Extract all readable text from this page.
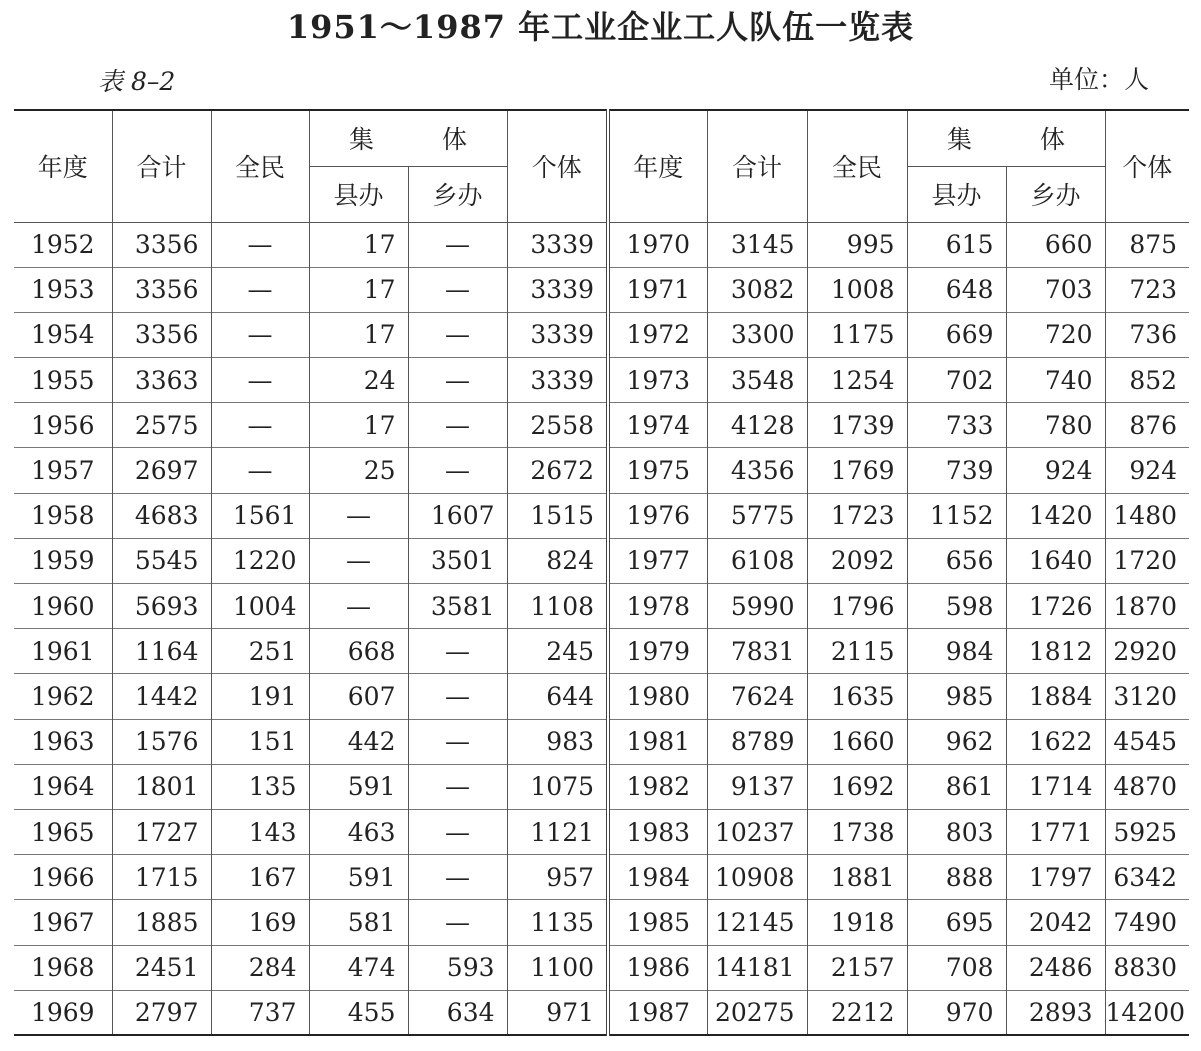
1951～1987 年工业企业工人队伍一览表
表 8–2	单位：人
年度	合计	全民	集 体		个体	年度	合计	全民	集 体		个体
			县办	乡办					县办	乡办	
1952	3356	—	17	—	3339	1970	3145	995	615	660	875
1953	3356	—	17	—	3339	1971	3082	1008	648	703	723
1954	3356	—	17	—	3339	1972	3300	1175	669	720	736
1955	3363	—	24	—	3339	1973	3548	1254	702	740	852
1956	2575	—	17	—	2558	1974	4128	1739	733	780	876
1957	2697	—	25	—	2672	1975	4356	1769	739	924	924
1958	4683	1561	—	1607	1515	1976	5775	1723	1152	1420	1480
1959	5545	1220	—	3501	824	1977	6108	2092	656	1640	1720
1960	5693	1004	—	3581	1108	1978	5990	1796	598	1726	1870
1961	1164	251	668	—	245	1979	7831	2115	984	1812	2920
1962	1442	191	607	—	644	1980	7624	1635	985	1884	3120
1963	1576	151	442	—	983	1981	8789	1660	962	1622	4545
1964	1801	135	591	—	1075	1982	9137	1692	861	1714	4870
1965	1727	143	463	—	1121	1983	10237	1738	803	1771	5925
1966	1715	167	591	—	957	1984	10908	1881	888	1797	6342
1967	1885	169	581	—	1135	1985	12145	1918	695	2042	7490
1968	2451	284	474	593	1100	1986	14181	2157	708	2486	8830
1969	2797	737	455	634	971	1987	20275	2212	970	2893	14200
